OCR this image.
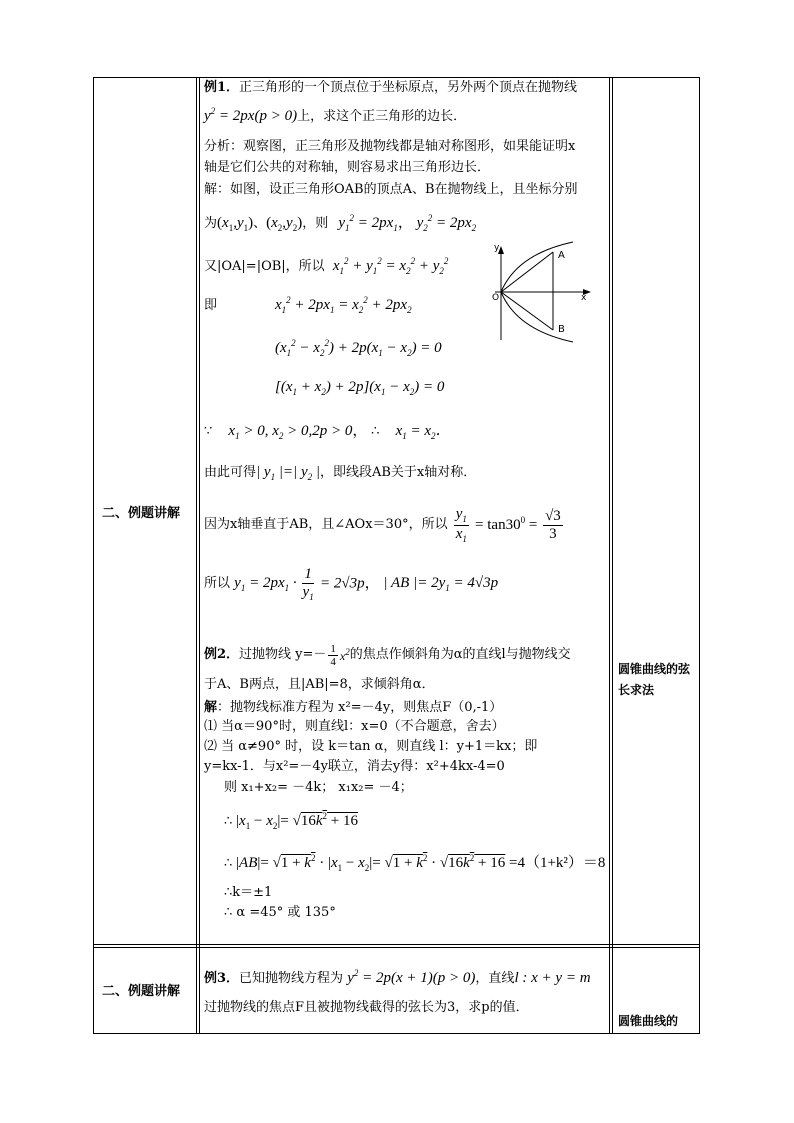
二、例题讲解
二、例题讲解
圆锥曲线的弦长求法
圆锥曲线的
例1．正三角形的一个顶点位于坐标原点，另外两个顶点在抛物线
$y^2 = 2px(p > 0)$上，求这个正三角形的边长．
分析：观察图，正三角形及抛物线都是轴对称图形，如果能证明x
轴是它们公共的对称轴，则容易求出三角形边长．
解：如图，设正三角形OAB的顶点A、B在抛物线上，且坐标分别
为$(x_1,y_1)$、$(x_2,y_2)$，则 $y_1^2 = 2px_1$， $y_2^2 = 2px_2$
又|OA|=|OB|，所以 $x_1^2 + y_1^2 = x_2^2 + y_2^2$
即	$x_1^2 + 2px_1 = x_2^2 + 2px_2$
$(x_1^2 - x_2^2) + 2p(x_1 - x_2) = 0$
$[(x_1 + x_2) + 2p](x_1 - x_2) = 0$
∵ $x_1 > 0$, $x_2 > 0,2p > 0$， ∴ $x_1 = x_2$．
由此可得| $y_1$ |=| $y_2$ |，即线段AB关于x轴对称．
因为x轴垂直于AB，且∠AOx＝30°，所以 $\frac{y_1}{x_1} = \tan 30^0 = \frac{√3}{3}$
所以 $y_1 = 2px_1 \cdot \frac{1}{y_1} = 2√3p$， | AB |= $2y_1 = 4√3p$
y
x
O
A
B
例2．过抛物线 $y=- \frac{1}{4} x^2$的焦点作倾斜角为α的直线l与抛物线交
于A、B两点，且|AB|=8，求倾斜角α．
解：抛物线标准方程为 x²=－4y，则焦点F（0,-1）
⑴ 当α＝90°时，则直线l：x=0（不合题意，舍去）
⑵ 当 α≠90° 时，设 k＝tan α，则直线 l：y+1＝kx；即
y=kx-1．与x²=－4y联立，消去y得：x²+4kx-4=0
则 x₁+x₂= －4k； x₁x₂= －4；
∴ $|x_1 - x_2|= √16k^2 + 16$
∴ $|AB|= √1 + k^2 \cdot |x_1 - x_2|= √1 + k^2 \cdot √16k^2 + 16 =4(1+k^2)=8$
∴k＝±1
∴ α =45° 或 135°
例3．已知抛物线方程为 $y^2 = 2p(x + 1)(p > 0)$，直线l : x + y = m
过抛物线的焦点F且被抛物线截得的弦长为3，求p的值．
